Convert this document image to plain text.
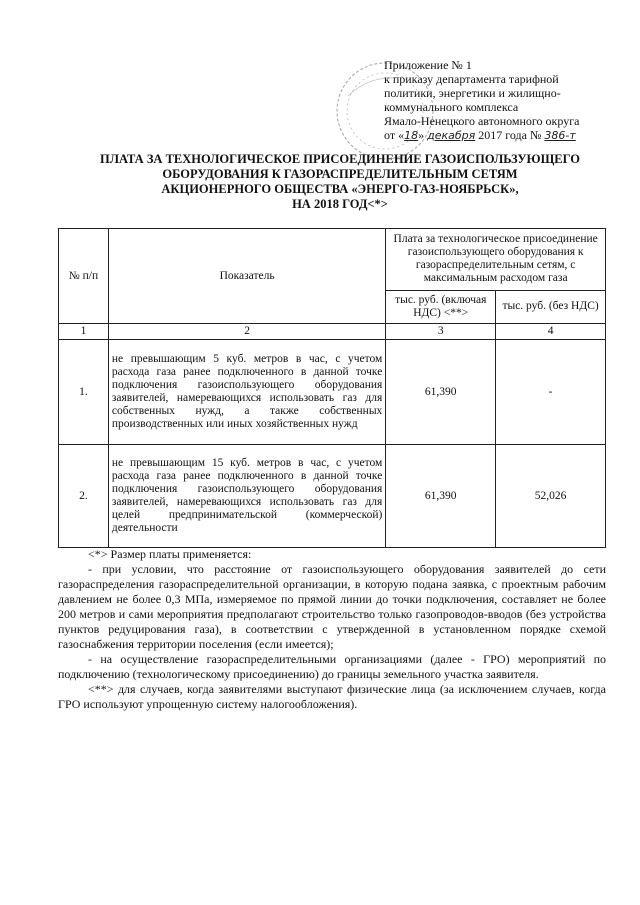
Приложение № 1
к приказу департамента тарифной
политики, энергетики и жилищно-
коммунального комплекса
Ямало-Ненецкого автономного округа
от «18» декабря 2017 года № 386-т
ПЛАТА ЗА ТЕХНОЛОГИЧЕСКОЕ ПРИСОЕДИНЕНИЕ ГАЗОИСПОЛЬЗУЮЩЕГО
ОБОРУДОВАНИЯ К ГАЗОРАСПРЕДЕЛИТЕЛЬНЫМ СЕТЯМ
АКЦИОНЕРНОГО ОБЩЕСТВА «ЭНЕРГО-ГАЗ-НОЯБРЬСК»,
НА 2018 ГОД<*>
№ п/п	Показатель	Плата за технологическое присоединение газоиспользующего оборудования к газораспределительным сетям, с максимальным расходом газа	
		тыс. руб. (включая НДС) <**>	тыс. руб. (без НДС)
1	2	3	4
1.	не превышающим 5 куб. метров в час, с учетом расхода газа ранее подключенного в данной точке подключения газоиспользующего оборудования заявителей, намеревающихся использовать газ для собственных нужд, а также собственных производственных или иных хозяйственных нужд	61,390	-
2.	не превышающим 15 куб. метров в час, с учетом расхода газа ранее подключенного в данной точке подключения газоиспользующего оборудования заявителей, намеревающихся использовать газ для целей предпринимательской (коммерческой) деятельности	61,390	52,026

<*> Размер платы применяется:

- при условии, что расстояние от газоиспользующего оборудования заявителей до сети газораспределения газораспределительной организации, в которую подана заявка, с проектным рабочим давлением не более 0,3 МПа, измеряемое по прямой линии до точки подключения, составляет не более 200 метров и сами мероприятия предполагают строительство только газопроводов-вводов (без устройства пунктов редуцирования газа), в соответствии с утвержденной в установленном порядке схемой газоснабжения территории поселения (если имеется);

- на осуществление газораспределительными организациями (далее - ГРО) мероприятий по подключению (технологическому присоединению) до границы земельного участка заявителя.

<**> для случаев, когда заявителями выступают физические лица (за исключением случаев, когда ГРО используют упрощенную систему налогообложения).
